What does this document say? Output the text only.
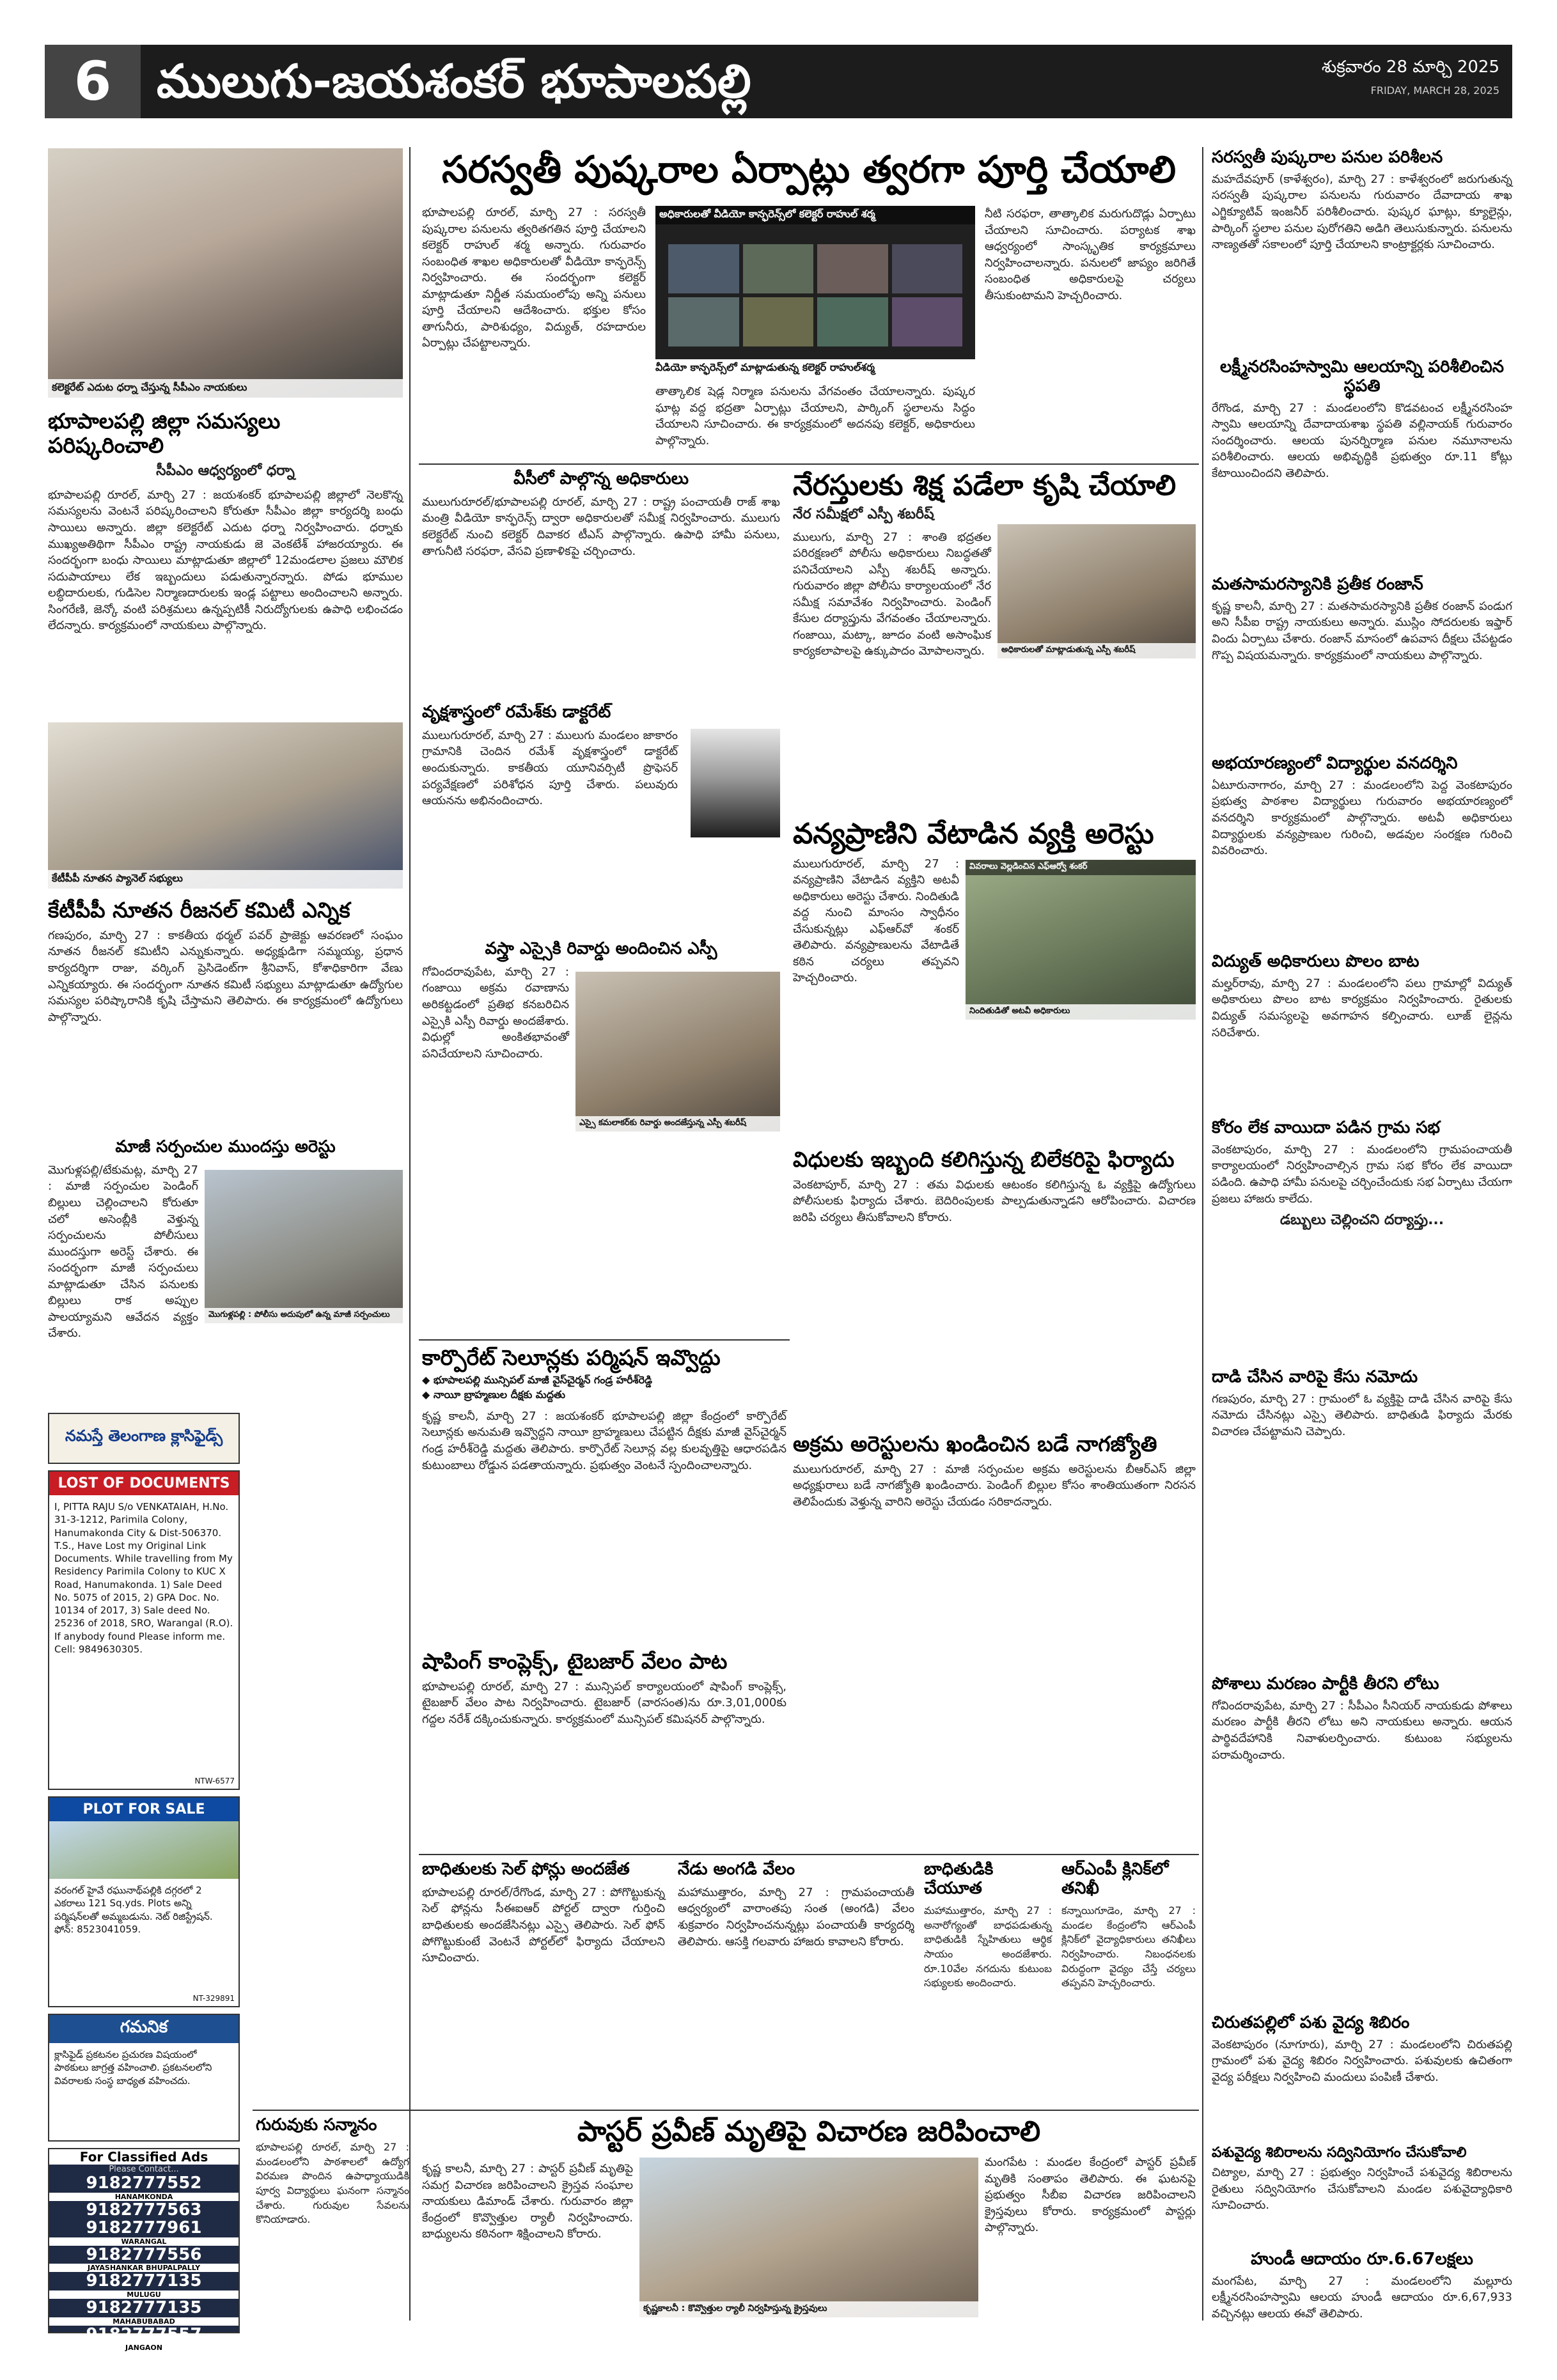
6 ములుగు-జయశంకర్ భూపాలపల్లి	శుక్రవారం 28 మార్చి 2025
FRIDAY, MARCH 28, 2025
కలెక్టరేట్ ఎదుట ధర్నా చేస్తున్న సీపీఎం నాయకులు
భూపాలపల్లి జిల్లా సమస్యలు పరిష్కరించాలి
సీపీఎం ఆధ్వర్యంలో ధర్నా
భూపాలపల్లి రూరల్, మార్చి 27 : జయశంకర్ భూపాలపల్లి జిల్లాలో నెలకొన్న సమస్యలను వెంటనే పరిష్కరించాలని కోరుతూ సీపీఎం జిల్లా కార్యదర్శి బంధు సాయిలు అన్నారు. జిల్లా కలెక్టరేట్ ఎదుట ధర్నా నిర్వహించారు. ధర్నాకు ముఖ్యఅతిథిగా సీపీఎం రాష్ట్ర నాయకుడు జె వెంకటేశ్ హాజరయ్యారు. ఈ సందర్భంగా బంధు సాయిలు మాట్లాడుతూ జిల్లాలో 12మండలాల ప్రజలు మౌలిక సదుపాయాలు లేక ఇబ్బందులు పడుతున్నారన్నారు. పోడు భూముల లబ్ధిదారులకు, గుడిసెల నిర్మాణదారులకు ఇండ్ల పట్టాలు అందించాలని అన్నారు. సింగరేణి, జెన్కో వంటి పరిశ్రమలు ఉన్నప్పటికీ నిరుద్యోగులకు ఉపాధి లభించడం లేదన్నారు. కార్యక్రమంలో నాయకులు పాల్గొన్నారు.
కేటీపీపీ నూతన ప్యానెల్ సభ్యులు
కేటీపీపీ నూతన రీజనల్ కమిటీ ఎన్నిక
గణపురం, మార్చి 27 : కాకతీయ థర్మల్ పవర్ ప్రాజెక్టు ఆవరణలో సంఘం నూతన రీజనల్ కమిటీని ఎన్నుకున్నారు. అధ్యక్షుడిగా సమ్మయ్య, ప్రధాన కార్యదర్శిగా రాజు, వర్కింగ్ ప్రెసిడెంట్‌గా శ్రీనివాస్, కోశాధికారిగా వేణు ఎన్నికయ్యారు. ఈ సందర్భంగా నూతన కమిటీ సభ్యులు మాట్లాడుతూ ఉద్యోగుల సమస్యల పరిష్కారానికి కృషి చేస్తామని తెలిపారు. ఈ కార్యక్రమంలో ఉద్యోగులు పాల్గొన్నారు.
మాజీ సర్పంచుల ముందస్తు అరెస్టు
మొగుళ్లపల్లి/టేకుమట్ల, మార్చి 27 : మాజీ సర్పంచుల పెండింగ్ బిల్లులు చెల్లించాలని కోరుతూ చలో అసెంబ్లీకి వెళ్తున్న సర్పంచులను పోలీసులు ముందస్తుగా అరెస్ట్ చేశారు. ఈ సందర్భంగా మాజీ సర్పంచులు మాట్లాడుతూ చేసిన పనులకు బిల్లులు రాక అప్పుల పాలయ్యామని ఆవేదన వ్యక్తం చేశారు.
మొగుళ్లపల్లి : పోలీసు అదుపులో ఉన్న మాజీ సర్పంచులు
నమస్తే తెలంగాణ క్లాసిఫైడ్స్
LOST OF DOCUMENTS
I, PITTA RAJU S/o VENKATAIAH, H.No. 31-3-1212, Parimila Colony, Hanumakonda City & Dist-506370. T.S., Have Lost my Original Link Documents. While travelling from My Residency Parimila Colony to KUC X Road, Hanumakonda. 1) Sale Deed No. 5075 of 2015, 2) GPA Doc. No. 10134 of 2017, 3) Sale deed No. 25236 of 2018, SRO, Warangal (R.O). If anybody found Please inform me. Cell: 9849630305.
NTW-6577
PLOT FOR SALE
వరంగల్ హైవే రఘునాథ్‌పల్లికి దగ్గరలో 2 ఎకరాలు 121 Sq.yds. Plots అన్ని పర్మిషన్‌లతో అమ్మబడును. నెట్ రిజిస్ట్రేషన్. ఫోన్: 8523041059.
NT-329891
గమనిక
క్లాసిఫైడ్ ప్రకటనల ప్రచురణ విషయంలో పాఠకులు జాగ్రత్త వహించాలి. ప్రకటనలలోని వివరాలకు సంస్థ బాధ్యత వహించదు.
For Classified Ads
Please Contact...
9182777552
HANAMKONDA
9182777563
9182777961
WARANGAL
9182777556
JAYASHANKAR BHUPALPALLY
9182777135
MULUGU
9182777135
MAHABUBABAD
9182777557
JANGAON
9182777565
సరస్వతీ పుష్కరాల ఏర్పాట్లు త్వరగా పూర్తి చేయాలి
భూపాలపల్లి రూరల్, మార్చి 27 : సరస్వతీ పుష్కరాల పనులను త్వరితగతిన పూర్తి చేయాలని కలెక్టర్ రాహుల్ శర్మ అన్నారు. గురువారం సంబంధిత శాఖల అధికారులతో వీడియో కాన్ఫరెన్స్ నిర్వహించారు. ఈ సందర్భంగా కలెక్టర్ మాట్లాడుతూ నిర్ణీత సమయంలోపు అన్ని పనులు పూర్తి చేయాలని ఆదేశించారు. భక్తుల కోసం తాగునీరు, పారిశుధ్యం, విద్యుత్, రహదారుల ఏర్పాట్లు చేపట్టాలన్నారు.
అధికారులతో వీడియో కాన్ఫరెన్స్‌లో కలెక్టర్ రాహుల్ శర్మ
వీడియో కాన్ఫరెన్స్‌లో మాట్లాడుతున్న కలెక్టర్ రాహుల్‌శర్మ
తాత్కాలిక షెడ్ల నిర్మాణ పనులను వేగవంతం చేయాలన్నారు. పుష్కర ఘాట్ల వద్ద భద్రతా ఏర్పాట్లు చేయాలని, పార్కింగ్ స్థలాలను సిద్ధం చేయాలని సూచించారు. ఈ కార్యక్రమంలో అదనపు కలెక్టర్, అధికారులు పాల్గొన్నారు.
నీటి సరఫరా, తాత్కాలిక మరుగుదొడ్లు ఏర్పాటు చేయాలని సూచించారు. పర్యాటక శాఖ ఆధ్వర్యంలో సాంస్కృతిక కార్యక్రమాలు నిర్వహించాలన్నారు. పనులలో జాప్యం జరిగితే సంబంధిత అధికారులపై చర్యలు తీసుకుంటామని హెచ్చరించారు.
వీసీలో పాల్గొన్న అధికారులు
ములుగురూరల్/భూపాలపల్లి రూరల్, మార్చి 27 : రాష్ట్ర పంచాయతీ రాజ్ శాఖ మంత్రి వీడియో కాన్ఫరెన్స్ ద్వారా అధికారులతో సమీక్ష నిర్వహించారు. ములుగు కలెక్టరేట్ నుంచి కలెక్టర్ దివాకర టీఎస్ పాల్గొన్నారు. ఉపాధి హామీ పనులు, తాగునీటి సరఫరా, వేసవి ప్రణాళికపై చర్చించారు.
వృక్షశాస్త్రంలో రమేశ్‌కు డాక్టరేట్
ములుగురూరల్, మార్చి 27 : ములుగు మండలం జాకారం గ్రామానికి చెందిన రమేశ్ వృక్షశాస్త్రంలో డాక్టరేట్ అందుకున్నారు. కాకతీయ యూనివర్సిటీ ప్రొఫెసర్ పర్యవేక్షణలో పరిశోధన పూర్తి చేశారు. పలువురు ఆయనను అభినందించారు.
వస్త్రా ఎస్సైకి రివార్డు అందించిన ఎస్పీ
గోవిందరావుపేట, మార్చి 27 : గంజాయి అక్రమ రవాణాను అరికట్టడంలో ప్రతిభ కనబరిచిన ఎస్సైకి ఎస్పీ రివార్డు అందజేశారు. విధుల్లో అంకితభావంతో పనిచేయాలని సూచించారు.
ఎస్సై కమలాకర్‌కు రివార్డు అందజేస్తున్న ఎస్పీ శబరీష్
నేరస్తులకు శిక్ష పడేలా కృషి చేయాలి
నేర సమీక్షలో ఎస్పీ శబరీష్
ములుగు, మార్చి 27 : శాంతి భద్రతల పరిరక్షణలో పోలీసు అధికారులు నిబద్ధతతో పనిచేయాలని ఎస్పీ శబరీష్ అన్నారు. గురువారం జిల్లా పోలీసు కార్యాలయంలో నేర సమీక్ష సమావేశం నిర్వహించారు. పెండింగ్ కేసుల దర్యాప్తును వేగవంతం చేయాలన్నారు. గంజాయి, మట్కా, జూదం వంటి అసాంఘిక కార్యకలాపాలపై ఉక్కుపాదం మోపాలన్నారు.	అధికారులతో మాట్లాడుతున్న ఎస్పీ శబరీష్
వన్యప్రాణిని వేటాడిన వ్యక్తి అరెస్టు
ములుగురూరల్, మార్చి 27 : వన్యప్రాణిని వేటాడిన వ్యక్తిని అటవీ అధికారులు అరెస్టు చేశారు. నిందితుడి వద్ద నుంచి మాంసం స్వాధీనం చేసుకున్నట్లు ఎఫ్‌ఆర్‌వో శంకర్ తెలిపారు. వన్యప్రాణులను వేటాడితే కఠిన చర్యలు తప్పవని హెచ్చరించారు.
వివరాలు వెల్లడించిన ఎఫ్ఆర్వో శంకర్
నిందితుడితో అటవీ అధికారులు
విధులకు ఇబ్బంది కలిగిస్తున్న బిలేకరిపై ఫిర్యాదు
వెంకటాపూర్, మార్చి 27 : తమ విధులకు ఆటంకం కలిగిస్తున్న ఓ వ్యక్తిపై ఉద్యోగులు పోలీసులకు ఫిర్యాదు చేశారు. బెదిరింపులకు పాల్పడుతున్నాడని ఆరోపించారు. విచారణ జరిపి చర్యలు తీసుకోవాలని కోరారు.
కార్పొరేట్ సెలూన్లకు పర్మిషన్ ఇవ్వొద్దు
◆ భూపాలపల్లి మున్సిపల్ మాజీ వైస్‌చైర్మన్ గండ్ర హరీశ్‌రెడ్డి
◆ నాయీ బ్రాహ్మణుల దీక్షకు మద్దతు
కృష్ణ కాలనీ, మార్చి 27 : జయశంకర్ భూపాలపల్లి జిల్లా కేంద్రంలో కార్పొరేట్ సెలూన్లకు అనుమతి ఇవ్వొద్దని నాయీ బ్రాహ్మణులు చేపట్టిన దీక్షకు మాజీ వైస్‌చైర్మన్ గండ్ర హరీశ్‌రెడ్డి మద్దతు తెలిపారు. కార్పొరేట్ సెలూన్ల వల్ల కులవృత్తిపై ఆధారపడిన కుటుంబాలు రోడ్డున పడతాయన్నారు. ప్రభుత్వం వెంటనే స్పందించాలన్నారు.
అక్రమ అరెస్టులను ఖండించిన బడే నాగజ్యోతి
ములుగురూరల్, మార్చి 27 : మాజీ సర్పంచుల అక్రమ అరెస్టులను బీఆర్ఎస్ జిల్లా అధ్యక్షురాలు బడే నాగజ్యోతి ఖండించారు. పెండింగ్ బిల్లుల కోసం శాంతియుతంగా నిరసన తెలిపేందుకు వెళ్తున్న వారిని అరెస్టు చేయడం సరికాదన్నారు.
షాపింగ్ కాంప్లెక్స్, టైబజార్ వేలం పాట
భూపాలపల్లి రూరల్, మార్చి 27 : మున్సిపల్ కార్యాలయంలో షాపింగ్ కాంప్లెక్స్, టైబజార్ వేలం పాట నిర్వహించారు. టైబజార్ (వారసంత)ను రూ.3,01,000కు గద్దల నరేశ్ దక్కించుకున్నారు. కార్యక్రమంలో మున్సిపల్ కమిషనర్ పాల్గొన్నారు.
బాధితులకు సెల్ ఫోన్లు అందజేత
భూపాలపల్లి రూరల్/రేగొండ, మార్చి 27 : పోగొట్టుకున్న సెల్ ఫోన్లను సీఈఐఆర్ పోర్టల్ ద్వారా గుర్తించి బాధితులకు అందజేసినట్లు ఎస్సై తెలిపారు. సెల్ ఫోన్ పోగొట్టుకుంటే వెంటనే పోర్టల్‌లో ఫిర్యాదు చేయాలని సూచించారు.
నేడు అంగడి వేలం
మహాముత్తారం, మార్చి 27 : గ్రామపంచాయతీ ఆధ్వర్యంలో వారాంతపు సంత (అంగడి) వేలం శుక్రవారం నిర్వహించనున్నట్లు పంచాయతీ కార్యదర్శి తెలిపారు. ఆసక్తి గలవారు హాజరు కావాలని కోరారు.
బాధితుడికి చేయూత
మహాముత్తారం, మార్చి 27 : అనారోగ్యంతో బాధపడుతున్న బాధితుడికి స్నేహితులు ఆర్థిక సాయం అందజేశారు. రూ.10వేల నగదును కుటుంబ సభ్యులకు అందించారు.
ఆర్ఎంపీ క్లినిక్‌లో తనిఖీ
కన్నాయిగూడెం, మార్చి 27 : మండల కేంద్రంలోని ఆర్ఎంపీ క్లినిక్‌లో వైద్యాధికారులు తనిఖీలు నిర్వహించారు. నిబంధనలకు విరుద్ధంగా వైద్యం చేస్తే చర్యలు తప్పవని హెచ్చరించారు.
గురువుకు సన్మానం
భూపాలపల్లి రూరల్, మార్చి 27 : మండలంలోని పాఠశాలలో ఉద్యోగ విరమణ పొందిన ఉపాధ్యాయుడికి పూర్వ విద్యార్థులు ఘనంగా సన్మానం చేశారు. గురువుల సేవలను కొనియాడారు.
పాస్టర్ ప్రవీణ్ మృతిపై విచారణ జరిపించాలి
కృష్ణ కాలనీ, మార్చి 27 : పాస్టర్ ప్రవీణ్ మృతిపై సమగ్ర విచారణ జరిపించాలని క్రైస్తవ సంఘాల నాయకులు డిమాండ్ చేశారు. గురువారం జిల్లా కేంద్రంలో కొవ్వొత్తుల ర్యాలీ నిర్వహించారు. బాధ్యులను కఠినంగా శిక్షించాలని కోరారు.
మంగపేట : మండల కేంద్రంలో పాస్టర్ ప్రవీణ్ మృతికి సంతాపం తెలిపారు. ఈ ఘటనపై ప్రభుత్వం సీబీఐ విచారణ జరిపించాలని క్రైస్తవులు కోరారు. కార్యక్రమంలో పాస్టర్లు పాల్గొన్నారు.
కృష్ణకాలనీ : కొవ్వొత్తుల ర్యాలీ నిర్వహిస్తున్న క్రైస్తవులు
సరస్వతీ పుష్కరాల పనుల పరిశీలన
మహదేవపూర్ (కాళేశ్వరం), మార్చి 27 : కాళేశ్వరంలో జరుగుతున్న సరస్వతీ పుష్కరాల పనులను గురువారం దేవాదాయ శాఖ ఎగ్జిక్యూటివ్ ఇంజనీర్ పరిశీలించారు. పుష్కర ఘాట్లు, క్యూలైన్లు, పార్కింగ్ స్థలాల పనుల పురోగతిని అడిగి తెలుసుకున్నారు. పనులను నాణ్యతతో సకాలంలో పూర్తి చేయాలని కాంట్రాక్టర్లకు సూచించారు.
లక్ష్మీనరసింహస్వామి ఆలయాన్ని పరిశీలించిన స్థపతి
రేగొండ, మార్చి 27 : మండలంలోని కొడవటంచ లక్ష్మీనరసింహ స్వామి ఆలయాన్ని దేవాదాయశాఖ స్థపతి వల్లినాయక్ గురువారం సందర్శించారు. ఆలయ పునర్నిర్మాణ పనుల నమూనాలను పరిశీలించారు. ఆలయ అభివృద్ధికి ప్రభుత్వం రూ.11 కోట్లు కేటాయించిందని తెలిపారు.
మతసామరస్యానికి ప్రతీక రంజాన్
కృష్ణ కాలనీ, మార్చి 27 : మతసామరస్యానికి ప్రతీక రంజాన్ పండుగ అని సీపీఐ రాష్ట్ర నాయకులు అన్నారు. ముస్లిం సోదరులకు ఇఫ్తార్ విందు ఏర్పాటు చేశారు. రంజాన్ మాసంలో ఉపవాస దీక్షలు చేపట్టడం గొప్ప విషయమన్నారు. కార్యక్రమంలో నాయకులు పాల్గొన్నారు.
అభయారణ్యంలో విద్యార్థుల వనదర్శిని
ఏటూరునాగారం, మార్చి 27 : మండలంలోని పెద్ద వెంకటాపురం ప్రభుత్వ పాఠశాల విద్యార్థులు గురువారం అభయారణ్యంలో వనదర్శిని కార్యక్రమంలో పాల్గొన్నారు. అటవీ అధికారులు విద్యార్థులకు వన్యప్రాణుల గురించి, అడవుల సంరక్షణ గురించి వివరించారు.
విద్యుత్ అధికారులు పొలం బాట
మల్హర్‌రావు, మార్చి 27 : మండలంలోని పలు గ్రామాల్లో విద్యుత్ అధికారులు పొలం బాట కార్యక్రమం నిర్వహించారు. రైతులకు విద్యుత్ సమస్యలపై అవగాహన కల్పించారు. లూజ్ లైన్లను సరిచేశారు.
కోరం లేక వాయిదా పడిన గ్రామ సభ
వెంకటాపురం, మార్చి 27 : మండలంలోని గ్రామపంచాయతీ కార్యాలయంలో నిర్వహించాల్సిన గ్రామ సభ కోరం లేక వాయిదా పడింది. ఉపాధి హామీ పనులపై చర్చించేందుకు సభ ఏర్పాటు చేయగా ప్రజలు హాజరు కాలేదు.
డబ్బులు చెల్లించని దర్యాప్తు...
దాడి చేసిన వారిపై కేసు నమోదు
గణపురం, మార్చి 27 : గ్రామంలో ఓ వ్యక్తిపై దాడి చేసిన వారిపై కేసు నమోదు చేసినట్లు ఎస్సై తెలిపారు. బాధితుడి ఫిర్యాదు మేరకు విచారణ చేపట్టామని చెప్పారు.
పోశాలు మరణం పార్టీకి తీరని లోటు
గోవిందరావుపేట, మార్చి 27 : సీపీఎం సీనియర్ నాయకుడు పోశాలు మరణం పార్టీకి తీరని లోటు అని నాయకులు అన్నారు. ఆయన పార్థివదేహానికి నివాళులర్పించారు. కుటుంబ సభ్యులను పరామర్శించారు.
చిరుతపల్లిలో పశు వైద్య శిబిరం
వెంకటాపురం (నూగూరు), మార్చి 27 : మండలంలోని చిరుతపల్లి గ్రామంలో పశు వైద్య శిబిరం నిర్వహించారు. పశువులకు ఉచితంగా వైద్య పరీక్షలు నిర్వహించి మందులు పంపిణీ చేశారు.
పశువైద్య శిబిరాలను సద్వినియోగం చేసుకోవాలి
చిట్యాల, మార్చి 27 : ప్రభుత్వం నిర్వహించే పశువైద్య శిబిరాలను రైతులు సద్వినియోగం చేసుకోవాలని మండల పశువైద్యాధికారి సూచించారు.
హుండీ ఆదాయం రూ.6.67లక్షలు
మంగపేట, మార్చి 27 : మండలంలోని మల్లూరు లక్ష్మీనరసింహస్వామి ఆలయ హుండీ ఆదాయం రూ.6,67,933 వచ్చినట్లు ఆలయ ఈవో తెలిపారు.
